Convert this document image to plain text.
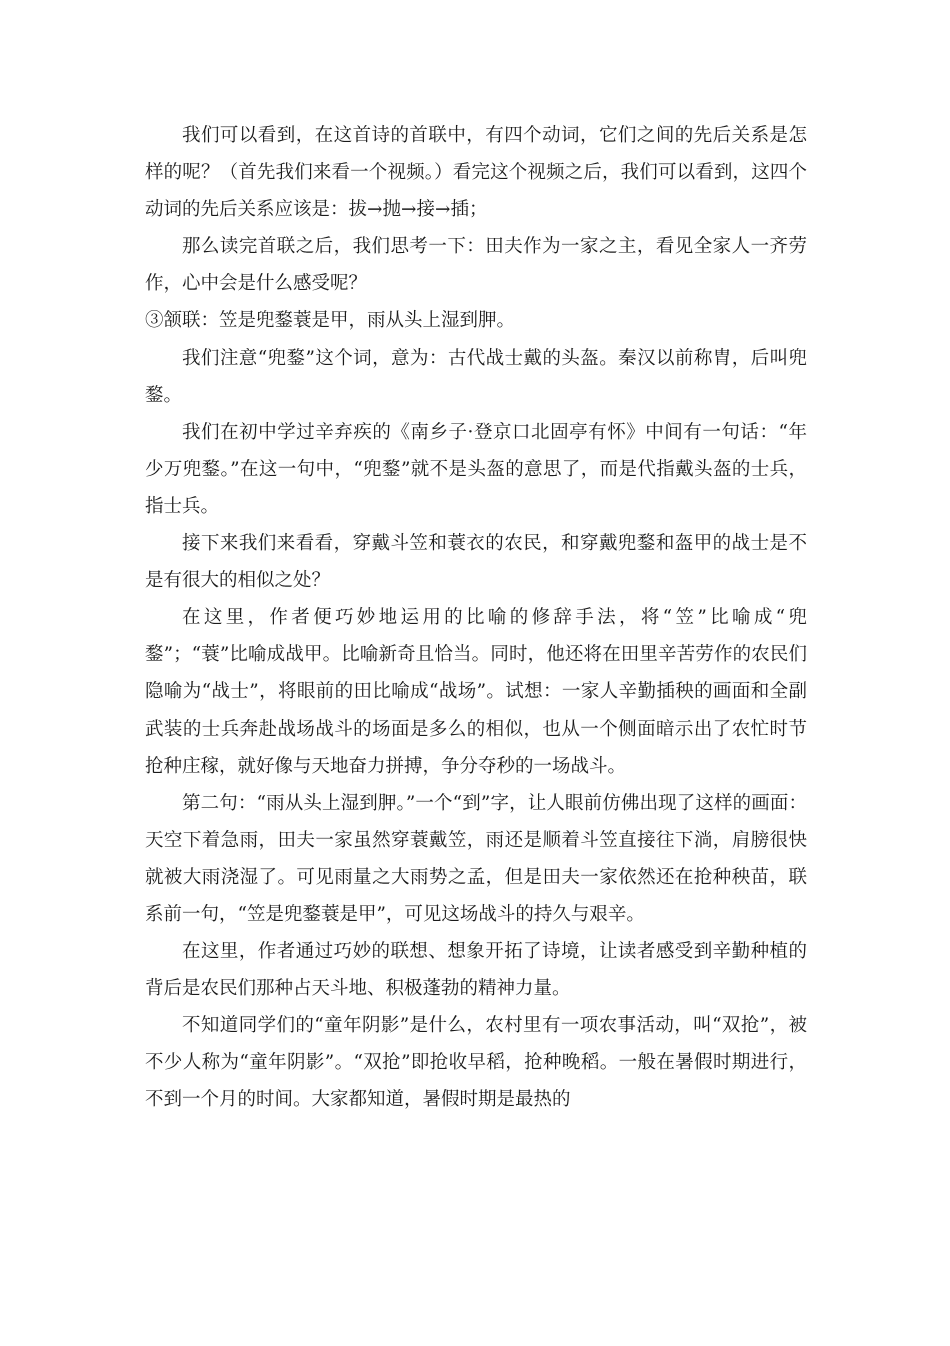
我们可以看到，在这首诗的首联中，有四个动词，它们之间的先后关系是怎样的呢？（首先我们来看一个视频。）看完这个视频之后，我们可以看到，这四个动词的先后关系应该是：拔→抛→接→插；

那么读完首联之后，我们思考一下：田夫作为一家之主，看见全家人一齐劳作，心中会是什么感受呢？

③颔联：笠是兜鍪蓑是甲，雨从头上湿到胛。

我们注意“兜鍪”这个词，意为：古代战士戴的头盔。秦汉以前称胄，后叫兜鍪。

我们在初中学过辛弃疾的《南乡子·登京口北固亭有怀》中间有一句话：“年少万兜鍪。”在这一句中，“兜鍪”就不是头盔的意思了，而是代指戴头盔的士兵，指士兵。

接下来我们来看看，穿戴斗笠和蓑衣的农民，和穿戴兜鍪和盔甲的战士是不是有很大的相似之处？

在这里，作者便巧妙地运用的比喻的修辞手法，将“笠”比喻成“兜鍪”；“蓑”比喻成战甲。比喻新奇且恰当。同时，他还将在田里辛苦劳作的农民们隐喻为“战士”，将眼前的田比喻成“战场”。试想：一家人辛勤插秧的画面和全副武装的士兵奔赴战场战斗的场面是多么的相似，也从一个侧面暗示出了农忙时节抢种庄稼，就好像与天地奋力拼搏，争分夺秒的一场战斗。

第二句：“雨从头上湿到胛。”一个“到”字，让人眼前仿佛出现了这样的画面：天空下着急雨，田夫一家虽然穿蓑戴笠，雨还是顺着斗笠直接往下淌，肩膀很快就被大雨浇湿了。可见雨量之大雨势之孟，但是田夫一家依然还在抢种秧苗，联系前一句，“笠是兜鍪蓑是甲”，可见这场战斗的持久与艰辛。

在这里，作者通过巧妙的联想、想象开拓了诗境，让读者感受到辛勤种植的背后是农民们那种占天斗地、积极蓬勃的精神力量。

不知道同学们的“童年阴影”是什么，农村里有一项农事活动，叫“双抢”，被不少人称为“童年阴影”。“双抢”即抢收早稻，抢种晚稻。一般在暑假时期进行，不到一个月的时间。大家都知道，暑假时期是最热的
